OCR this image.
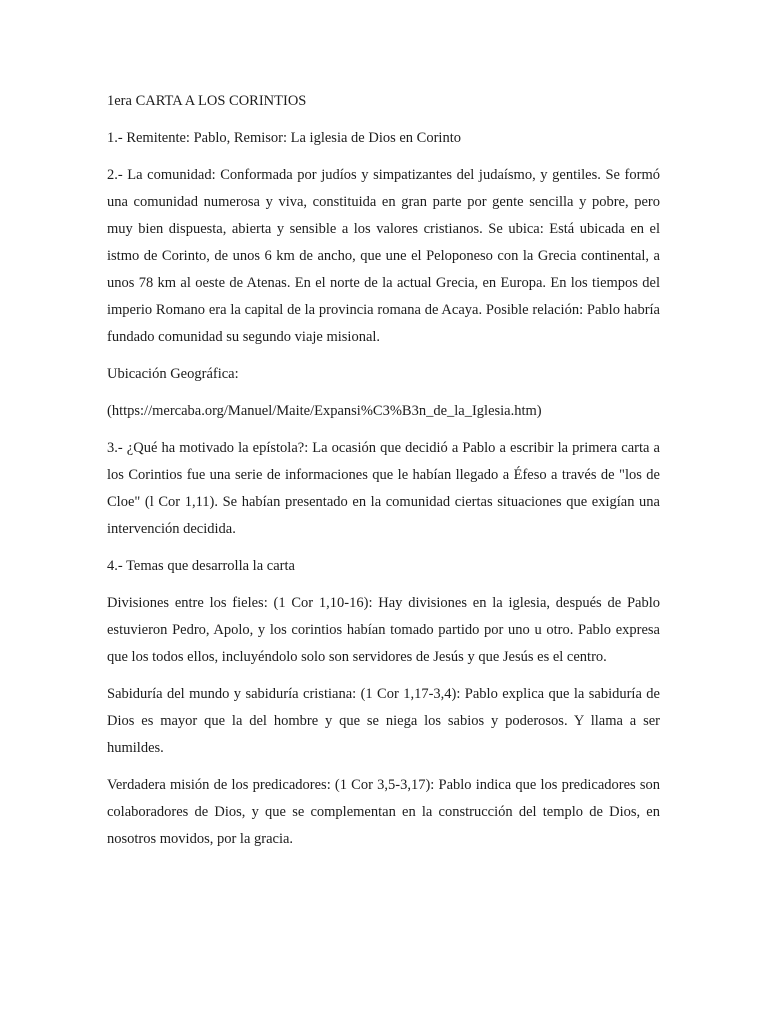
1era CARTA A LOS CORINTIOS

1.- Remitente: Pablo, Remisor: La iglesia de Dios en Corinto

2.- La comunidad: Conformada por judíos y simpatizantes del judaísmo, y gentiles. Se formó una comunidad numerosa y viva, constituida en gran parte por gente sencilla y pobre, pero muy bien dispuesta, abierta y sensible a los valores cristianos. Se ubica: Está ubicada en el istmo de Corinto, de unos 6 km de ancho, que une el Peloponeso con la Grecia continental, a unos 78 km al oeste de Atenas. En el norte de la actual Grecia, en Europa. En los tiempos del imperio Romano era la capital de la provincia romana de Acaya. Posible relación: Pablo habría fundado comunidad su segundo viaje misional.

Ubicación Geográfica:

(https://mercaba.org/Manuel/Maite/Expansi%C3%B3n_de_la_Iglesia.htm)

3.- ¿Qué ha motivado la epístola?: La ocasión que decidió a Pablo a escribir la primera carta a los Corintios fue una serie de informaciones que le habían llegado a Éfeso a través de "los de Cloe" (l Cor 1,11). Se habían presentado en la comunidad ciertas situaciones que exigían una intervención decidida.

4.- Temas que desarrolla la carta

Divisiones entre los fieles: (1 Cor 1,10-16): Hay divisiones en la iglesia, después de Pablo estuvieron Pedro, Apolo, y los corintios habían tomado partido por uno u otro. Pablo expresa que los todos ellos, incluyéndolo solo son servidores de Jesús y que Jesús es el centro.

Sabiduría del mundo y sabiduría cristiana: (1 Cor 1,17-3,4): Pablo explica que la sabiduría de Dios es mayor que la del hombre y que se niega los sabios y poderosos. Y llama a ser humildes.

Verdadera misión de los predicadores: (1 Cor 3,5-3,17): Pablo indica que los predicadores son colaboradores de Dios, y que se complementan en la construcción del templo de Dios, en nosotros movidos, por la gracia.
